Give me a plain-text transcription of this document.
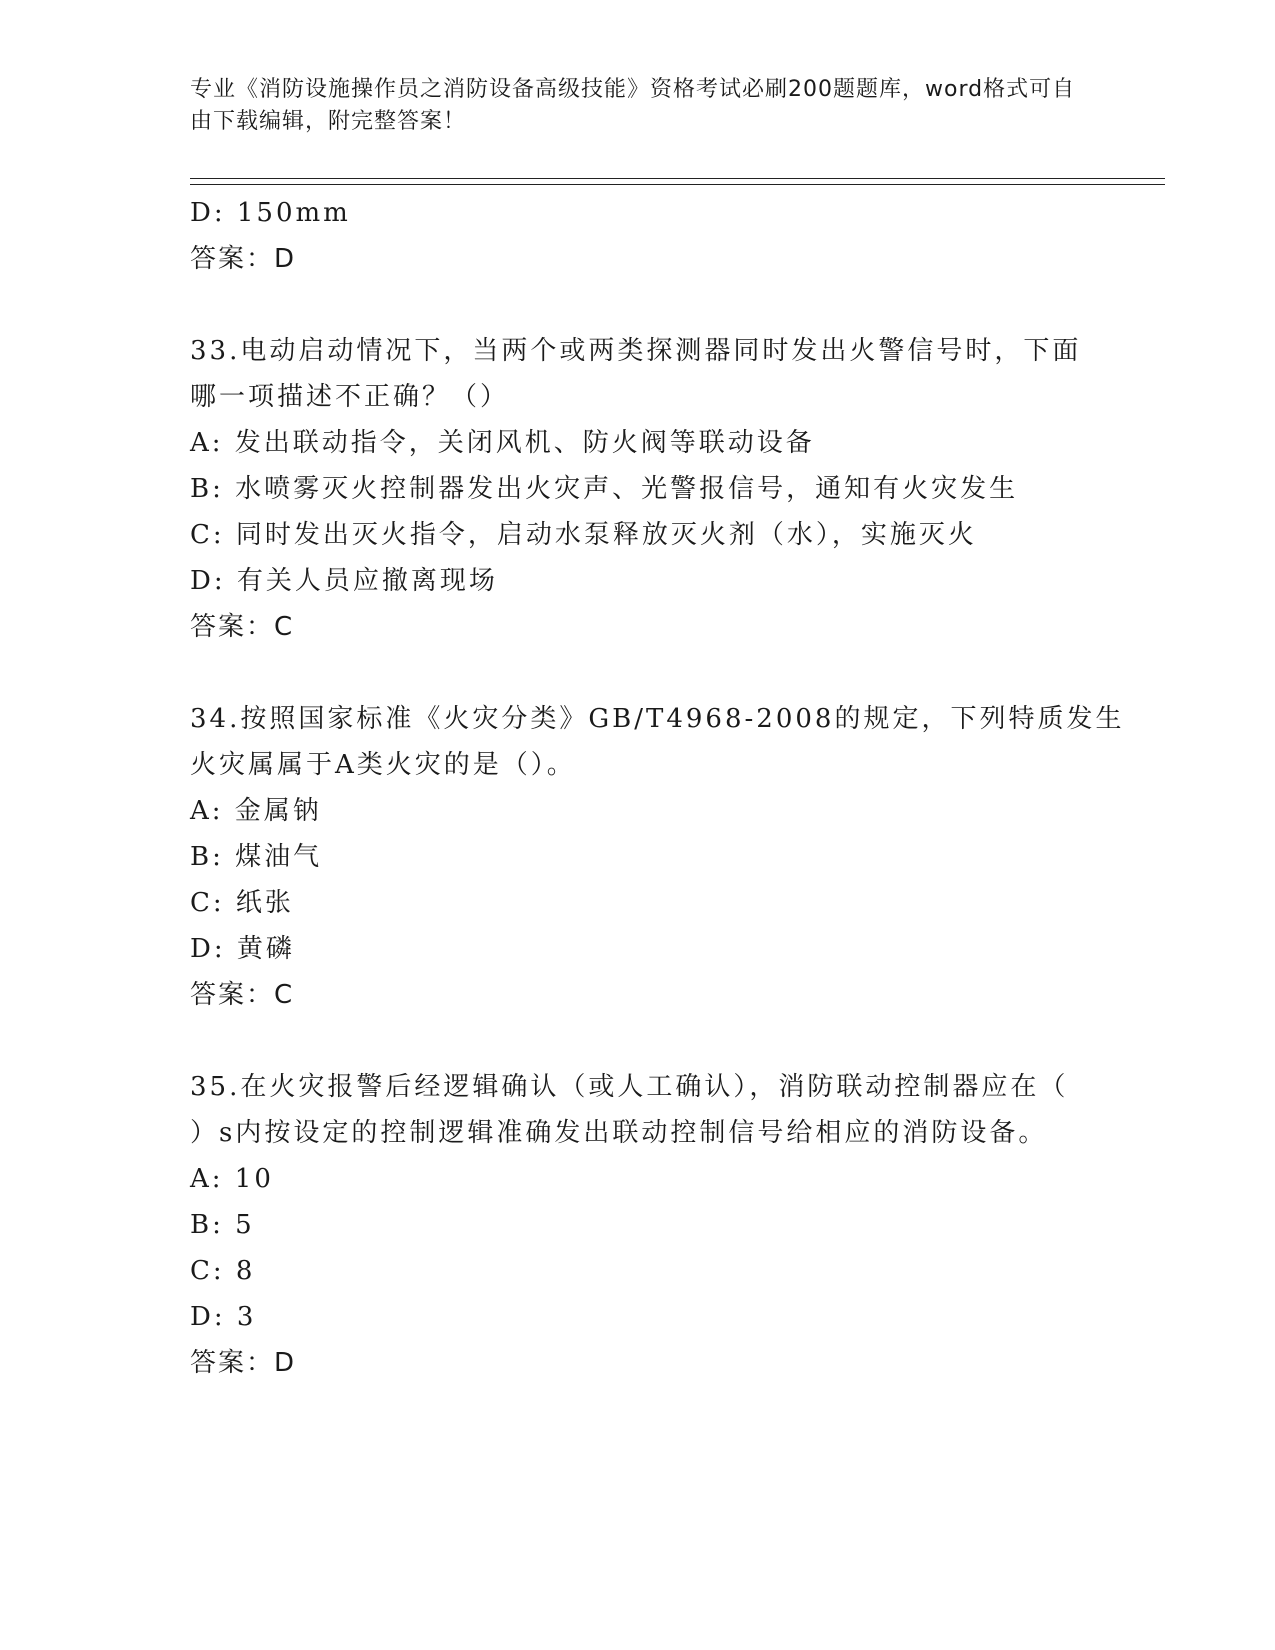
专业《消防设施操作员之消防设备高级技能》资格考试必刷200题题库，word格式可自由下载编辑，附完整答案！
D: 150mm
答案：D
33.电动启动情况下，当两个或两类探测器同时发出火警信号时，下面
哪一项描述不正确？（）
A: 发出联动指令，关闭风机、防火阀等联动设备
B: 水喷雾灭火控制器发出火灾声、光警报信号，通知有火灾发生
C: 同时发出灭火指令，启动水泵释放灭火剂（水），实施灭火
D: 有关人员应撤离现场
答案：C
34.按照国家标准《火灾分类》GB/T4968-2008的规定，下列特质发生
火灾属属于A类火灾的是（）。
A: 金属钠
B: 煤油气
C: 纸张
D: 黄磷
答案：C
35.在火灾报警后经逻辑确认（或人工确认），消防联动控制器应在（
）s内按设定的控制逻辑准确发出联动控制信号给相应的消防设备。
A: 10
B: 5
C: 8
D: 3
答案：D
